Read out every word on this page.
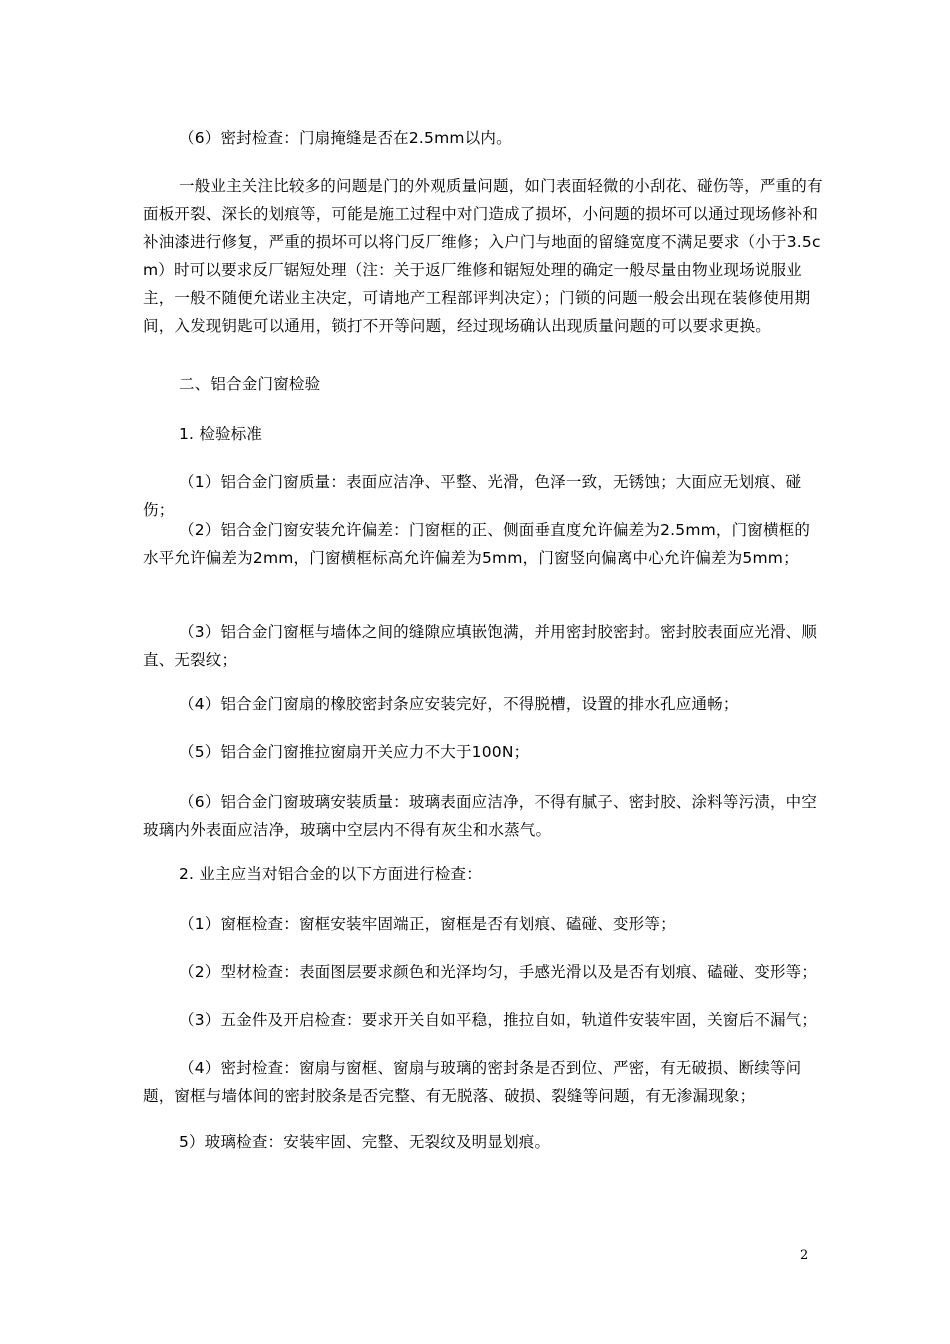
（6）密封检查：门扇掩缝是否在2.5mm以内。

一般业主关注比较多的问题是门的外观质量问题，如门表面轻微的小刮花、碰伤等，严重的有面板开裂、深长的划痕等，可能是施工过程中对门造成了损坏，小问题的损坏可以通过现场修补和补油漆进行修复，严重的损坏可以将门反厂维修；入户门与地面的留缝宽度不满足要求（小于3.5cm）时可以要求反厂锯短处理（注：关于返厂维修和锯短处理的确定一般尽量由物业现场说服业主，一般不随便允诺业主决定，可请地产工程部评判决定）；门锁的问题一般会出现在装修使用期间，入发现钥匙可以通用，锁打不开等问题，经过现场确认出现质量问题的可以要求更换。

二、铝合金门窗检验

1. 检验标准

（1）铝合金门窗质量：表面应洁净、平整、光滑，色泽一致，无锈蚀；大面应无划痕、碰伤；

（2）铝合金门窗安装允许偏差：门窗框的正、侧面垂直度允许偏差为2.5mm，门窗横框的水平允许偏差为2mm，门窗横框标高允许偏差为5mm，门窗竖向偏离中心允许偏差为5mm；

（3）铝合金门窗框与墙体之间的缝隙应填嵌饱满，并用密封胶密封。密封胶表面应光滑、顺直、无裂纹；

（4）铝合金门窗扇的橡胶密封条应安装完好，不得脱槽，设置的排水孔应通畅；

（5）铝合金门窗推拉窗扇开关应力不大于100N；

（6）铝合金门窗玻璃安装质量：玻璃表面应洁净，不得有腻子、密封胶、涂料等污渍，中空玻璃内外表面应洁净，玻璃中空层内不得有灰尘和水蒸气。

2. 业主应当对铝合金的以下方面进行检查：

（1）窗框检查：窗框安装牢固端正，窗框是否有划痕、磕碰、变形等；

（2）型材检查：表面图层要求颜色和光泽均匀，手感光滑以及是否有划痕、磕碰、变形等；

（3）五金件及开启检查：要求开关自如平稳，推拉自如，轨道件安装牢固，关窗后不漏气；

（4）密封检查：窗扇与窗框、窗扇与玻璃的密封条是否到位、严密，有无破损、断续等问题，窗框与墙体间的密封胶条是否完整、有无脱落、破损、裂缝等问题，有无渗漏现象；

5）玻璃检查：安装牢固、完整、无裂纹及明显划痕。

2
